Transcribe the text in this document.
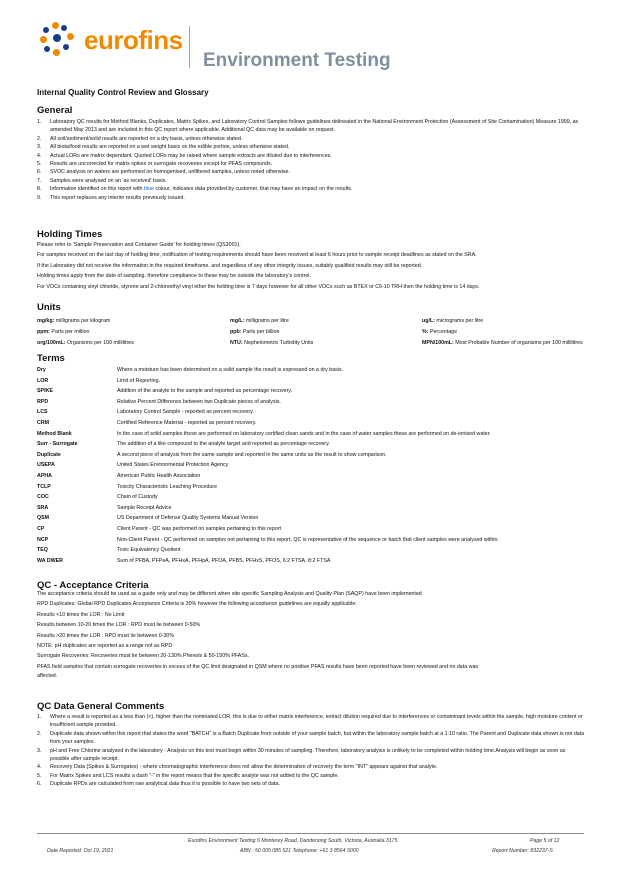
eurofins
Environment Testing
Internal Quality Control Review and Glossary
General
1.	Laboratory QC results for Method Blanks, Duplicates, Matrix Spikes, and Laboratory Control Samples follows guidelines delineated in the National Environment Protection (Assessment of Site Contamination) Measure 1999, as amended May 2013 and are included in this QC report where applicable. Additional QC data may be available on request.
2.	All soil/sediment/solid results are reported on a dry basis, unless otherwise stated.
3.	All biota/food results are reported on a wet weight basis on the edible portion, unless otherwise stated.
4.	Actual LORs are matrix dependant. Quoted LORs may be raised where sample extracts are diluted due to interferences.
5.	Results are uncorrected for matrix spikes or surrogate recoveries except for PFAS compounds.
6.	SVOC analysis on waters are performed on homogenised, unfiltered samples, unless noted otherwise.
7.	Samples were analysed on an 'as received' basis.
8.	Information identified on this report with blue colour, indicates data provided by customer, that may have an impact on the results.
9.	This report replaces any interim results previously issued.
Holding Times
Please refer to 'Sample Preservation and Container Guide' for holding times (QS3001).
For samples received on the last day of holding time, notification of testing requirements should have been received at least 6 hours prior to sample receipt deadlines as stated on the SRA.
If the Laboratory did not receive the information in the required timeframe, and regardless of any other integrity issues, suitably qualified results may still be reported.
Holding times apply from the date of sampling, therefore compliance to these may be outside the laboratory's control.
For VOCs containing vinyl chloride, styrene and 2-chloroethyl vinyl ether the holding time is 7 days however for all other VOCs such as BTEX or C6-10 TRH then the holding time is 14 days.
Units
mg/kg: milligrams per kilogram	mg/L: milligrams per litre	ug/L: micrograms per litre
ppm: Parts per million	ppb: Parts per billion	%: Percentage
org/100mL: Organisms per 100 millilitres	NTU: Nephelometric Turbidity Units	MPN/100mL: Most Probable Number of organisms per 100 millilitres
Terms
Dry	Where a moisture has been determined on a solid sample the result is expressed on a dry basis.
LOR	Limit of Reporting.
SPIKE	Addition of the analyte to the sample and reported as percentage recovery.
RPD	Relative Percent Difference between two Duplicate pieces of analysis.
LCS	Laboratory Control Sample - reported as percent recovery.
CRM	Certified Reference Material - reported as percent recovery.
Method Blank	In the case of solid samples these are performed on laboratory certified clean sands and in the case of water samples these are performed on de-ionised water.
Surr - Surrogate	The addition of a like compound to the analyte target and reported as percentage recovery.
Duplicate	A second piece of analysis from the same sample and reported in the same units as the result to show comparison.
USEPA	United States Environmental Protection Agency
APHA	American Public Health Association
TCLP	Toxicity Characteristic Leaching Procedure
COC	Chain of Custody
SRA	Sample Receipt Advice
QSM	US Department of Defense Quality Systems Manual Version
CP	Client Parent - QC was performed on samples pertaining to this report
NCP	Non-Client Parent - QC performed on samples not pertaining to this report, QC is representative of the sequence or batch that client samples were analysed within.
TEQ	Toxic Equivalency Quotient
WA DWER	Sum of PFBA, PFPeA, PFHxA, PFHpA, PFOA, PFBS, PFHxS, PFOS, 6:2 FTSA, 8:2 FTSA
QC - Acceptance Criteria
The acceptance criteria should be used as a guide only and may be different when site specific Sampling Analysis and Quality Plan (SAQP) have been implemented
RPD Duplicates: Global RPD Duplicates Acceptance Criteria is 30% however the following acceptance guidelines are equally applicable:
Results <10 times the LOR : No Limit
Results between 10-20 times the LOR : RPD must lie between 0-50%
Results >20 times the LOR : RPD must lie between 0-30%
NOTE: pH duplicates are reported as a range not as RPD
Surrogate Recoveries: Recoveries must lie between 20-130% Phenols & 50-150% PFASs.
PFAS field samples that contain surrogate recoveries in excess of the QC limit designated in QSM where no positive PFAS results have been reported have been reviewed and no data was
affected.
QC Data General Comments
1.	Where a result is reported as a less than (<), higher than the nominated LOR, this is due to either matrix interference, extract dilution required due to interferences or contaminant levels within the sample, high moisture content or insufficient sample provided.
2.	Duplicate data shown within this report that states the word "BATCH" is a Batch Duplicate from outside of your sample batch, but within the laboratory sample batch at a 1:10 ratio. The Parent and Duplicate data shown is not data from your samples.
3.	pH and Free Chlorine analysed in the laboratory - Analysis on this test must begin within 30 minutes of sampling. Therefore, laboratory analysis is unlikely to be completed within holding time.Analysis will begin as soon as possible after sample receipt.
4.	Recovery Data (Spikes & Surrogates) - where chromatographic interference does not allow the determination of recovery the term "INT" appears against that analyte.
5.	For Matrix Spikes and LCS results a dash "-" in the report means that the specific analyte was not added to the QC sample.
6.	Duplicate RPDs are calculated from raw analytical data thus it is possible to have two sets of data.
Eurofins Environment Testing 6 Monterey Road, Dandenong South, Victoria, Australia 3175	Page 5 of 12
Date Reported: Oct 19, 2021	ABN : 50 005 085 521 Telephone: +61 3 8564 5000	Report Number: 832237-S
